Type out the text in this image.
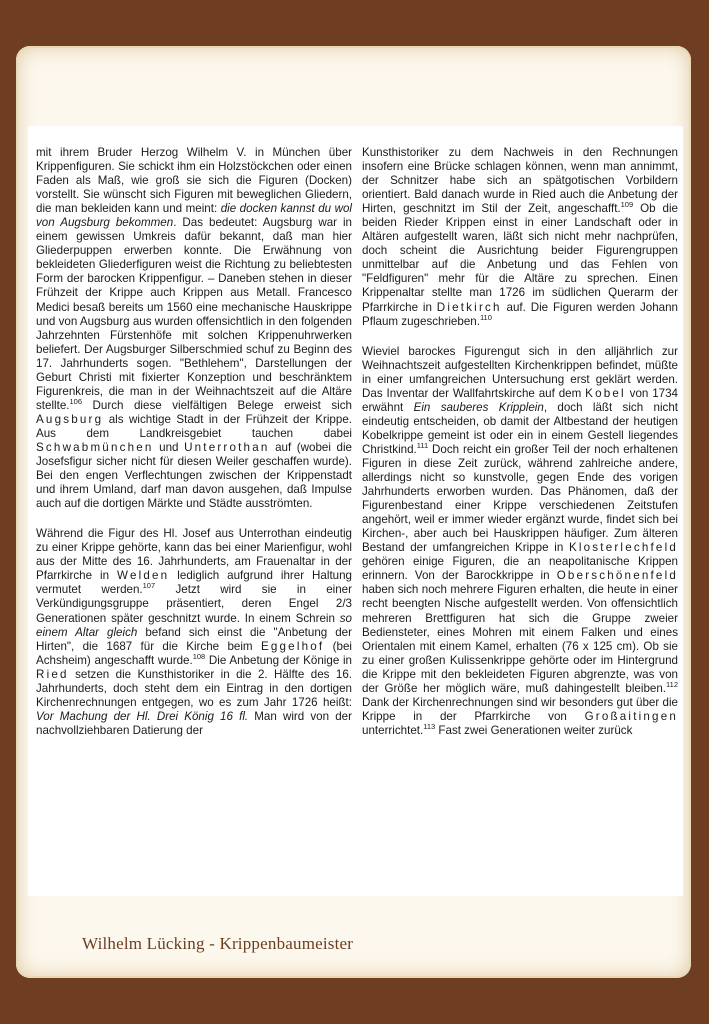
mit ihrem Bruder Herzog Wilhelm V. in München über Krippenfiguren. Sie schickt ihm ein Holzstöckchen oder einen Faden als Maß, wie groß sie sich die Figuren (Docken) vorstellt. Sie wünscht sich Figuren mit beweglichen Gliedern, die man bekleiden kann und meint: die docken kannst du wol von Augsburg bekommen. Das bedeutet: Augsburg war in einem gewissen Umkreis dafür bekannt, daß man hier Gliederpuppen erwerben konnte. Die Erwähnung von bekleideten Gliederfiguren weist die Richtung zu beliebtesten Form der barocken Krippenfigur. – Daneben stehen in dieser Frühzeit der Krippe auch Krippen aus Metall. Francesco Medici besaß bereits um 1560 eine mechanische Hauskrippe und von Augsburg aus wurden offensichtlich in den folgenden Jahrzehnten Fürstenhöfe mit solchen Krippenuhrwerken beliefert. Der Augsburger Silberschmied schuf zu Beginn des 17. Jahrhunderts sogen. "Bethlehem", Darstellungen der Geburt Christi mit fixierter Konzeption und beschränktem Figurenkreis, die man in der Weihnachtszeit auf die Altäre stellte.$^{106}$ Durch diese vielfältigen Belege erweist sich Augsburg als wichtige Stadt in der Frühzeit der Krippe. Aus dem Landkreisgebiet tauchen dabei Schwabmünchen und Unterrothan auf (wobei die Josefsfigur sicher nicht für diesen Weiler geschaffen wurde). Bei den engen Verflechtungen zwischen der Krippenstadt und ihrem Umland, darf man davon ausgehen, daß Impulse auch auf die dortigen Märkte und Städte ausströmten.

Während die Figur des Hl. Josef aus Unterrothan eindeutig zu einer Krippe gehörte, kann das bei einer Marienfigur, wohl aus der Mitte des 16. Jahrhunderts, am Frauenaltar in der Pfarrkirche in Welden lediglich aufgrund ihrer Haltung vermutet werden.$^{107}$ Jetzt wird sie in einer Verkündigungsgruppe präsentiert, deren Engel 2/3 Generationen später geschnitzt wurde. In einem Schrein so einem Altar gleich befand sich einst die "Anbetung der Hirten", die 1687 für die Kirche beim Eggelhof (bei Achsheim) angeschafft wurde.$^{108}$ Die Anbetung der Könige in Ried setzen die Kunsthistoriker in die 2. Hälfte des 16. Jahrhunderts, doch steht dem ein Eintrag in den dortigen Kirchenrechnungen entgegen, wo es zum Jahr 1726 heißt: Vor Machung der Hl. Drei König 16 fl. Man wird von der nachvollziehbaren Datierung der

Kunsthistoriker zu dem Nachweis in den Rechnungen insofern eine Brücke schlagen können, wenn man annimmt, der Schnitzer habe sich an spätgotischen Vorbildern orientiert. Bald danach wurde in Ried auch die Anbetung der Hirten, geschnitzt im Stil der Zeit, angeschafft.$^{109}$ Ob die beiden Rieder Krippen einst in einer Landschaft oder in Altären aufgestellt waren, läßt sich nicht mehr nachprüfen, doch scheint die Ausrichtung beider Figurengruppen unmittelbar auf die Anbetung und das Fehlen von "Feldfiguren" mehr für die Altäre zu sprechen. Einen Krippenaltar stellte man 1726 im südlichen Querarm der Pfarrkirche in Dietkirch auf. Die Figuren werden Johann Pflaum zugeschrieben.$^{110}$

Wieviel barockes Figurengut sich in den alljährlich zur Weihnachtszeit aufgestellten Kirchenkrippen befindet, müßte in einer umfangreichen Untersuchung erst geklärt werden. Das Inventar der Wallfahrtskirche auf dem Kobel von 1734 erwähnt Ein sauberes Kripplein, doch läßt sich nicht eindeutig entscheiden, ob damit der Altbestand der heutigen Kobelkrippe gemeint ist oder ein in einem Gestell liegendes Christkind.$^{111}$ Doch reicht ein großer Teil der noch erhaltenen Figuren in diese Zeit zurück, während zahlreiche andere, allerdings nicht so kunstvolle, gegen Ende des vorigen Jahrhunderts erworben wurden. Das Phänomen, daß der Figurenbestand einer Krippe verschiedenen Zeitstufen angehört, weil er immer wieder ergänzt wurde, findet sich bei Kirchen-, aber auch bei Hauskrippen häufiger. Zum älteren Bestand der umfangreichen Krippe in Klosterlechfeld gehören einige Figuren, die an neapolitanische Krippen erinnern. Von der Barockkrippe in Oberschönenfeld haben sich noch mehrere Figuren erhalten, die heute in einer recht beengten Nische aufgestellt werden. Von offensichtlich mehreren Brettfiguren hat sich die Gruppe zweier Bediensteter, eines Mohren mit einem Falken und eines Orientalen mit einem Kamel, erhalten (76 x 125 cm). Ob sie zu einer großen Kulissenkrippe gehörte oder im Hintergrund die Krippe mit den bekleideten Figuren abgrenzte, was von der Größe her möglich wäre, muß dahingestellt bleiben.$^{112}$ Dank der Kirchenrechnungen sind wir besonders gut über die Krippe in der Pfarrkirche von Großaitingen unterrichtet.$^{113}$ Fast zwei Generationen weiter zurück

Wilhelm Lücking - Krippenbaumeister
